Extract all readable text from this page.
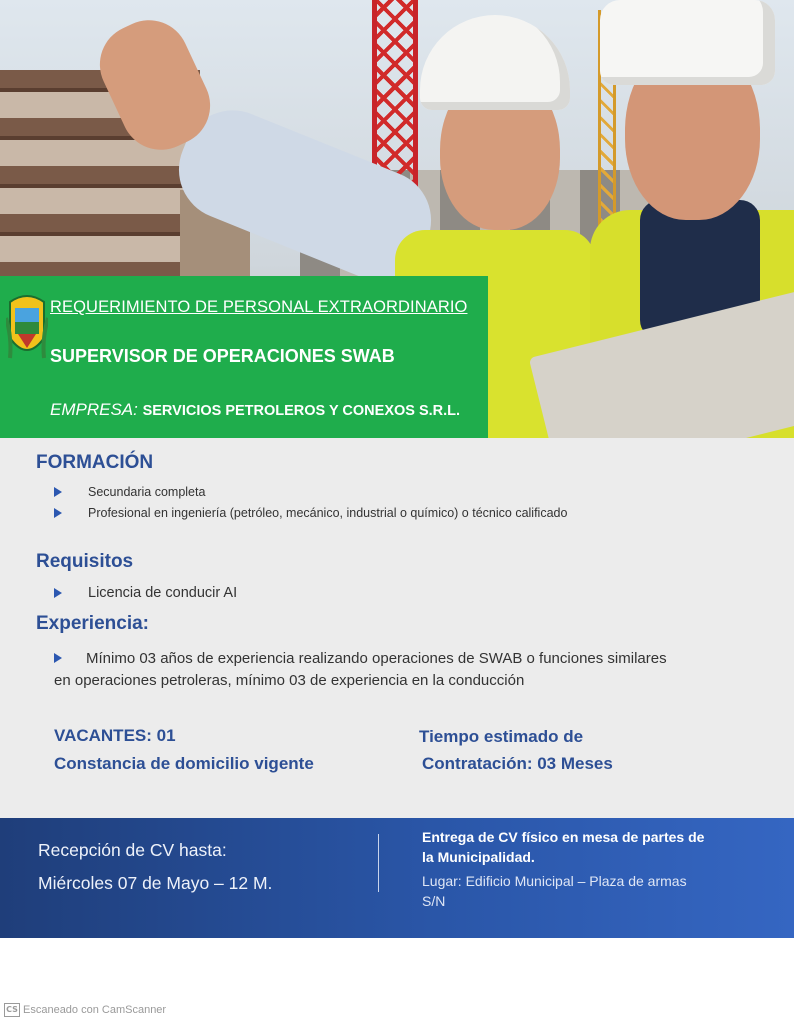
REQUERIMIENTO DE PERSONAL EXTRAORDINARIO
SUPERVISOR DE OPERACIONES SWAB
EMPRESA: SERVICIOS PETROLEROS Y CONEXOS S.R.L.
FORMACIÓN
Secundaria completa
Profesional en ingeniería (petróleo, mecánico, industrial o químico) o técnico calificado
Requisitos
Licencia de conducir AI
Experiencia:
Mínimo 03 años de experiencia realizando operaciones de SWAB o funciones similares en operaciones petroleras, mínimo 03 de experiencia en la conducción
VACANTES: 01
Constancia de domicilio vigente
Tiempo estimado de
Contratación: 03 Meses
Recepción de CV hasta:
Miércoles 07 de Mayo – 12 M.
Entrega de CV físico en mesa de partes de la Municipalidad.
Lugar: Edificio Municipal – Plaza de armas S/N
CS Escaneado con CamScanner
